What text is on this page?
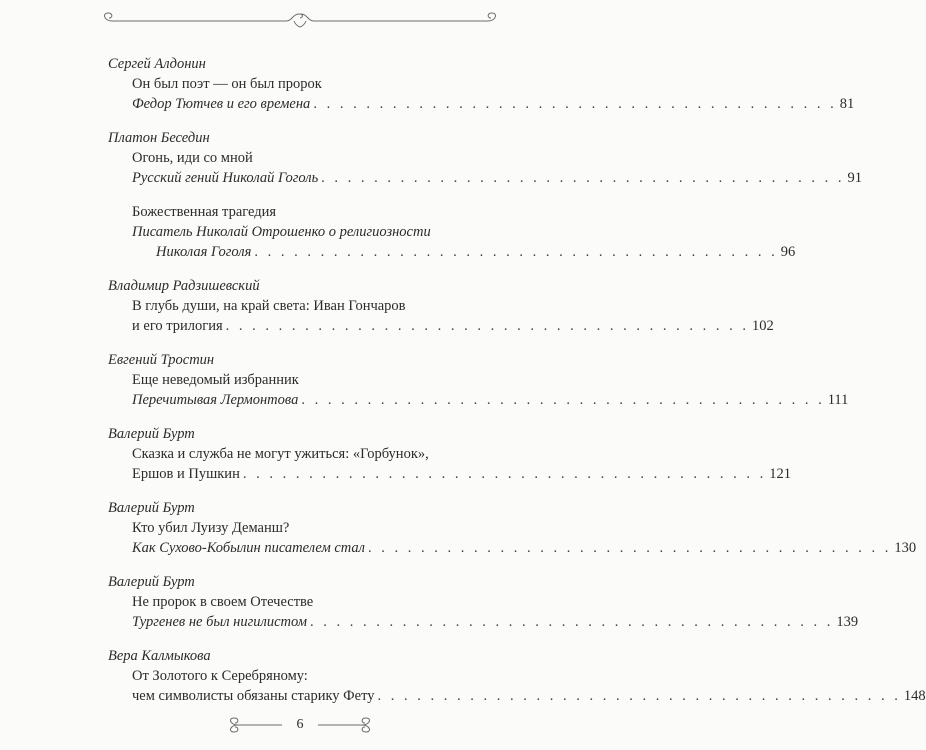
Сергей Алдонин
Он был поэт — он был пророк
Федор Тютчев и его времена . . . . . . . . . . . . . . . . . . . . . . . . . . . . . . . . . . . . . . . . 81
Платон Беседин
Огонь, иди со мной
Русский гений Николай Гоголь . . . . . . . . . . . . . . . . . . . . . . . . . . . . . . . . . . . . . . . . 91
Божественная трагедия
Писатель Николай Отрошенко о религиозности
Николая Гоголя . . . . . . . . . . . . . . . . . . . . . . . . . . . . . . . . . . . . . . . . 96
Владимир Радзишевский
В глубь души, на край света: Иван Гончаров
и его трилогия . . . . . . . . . . . . . . . . . . . . . . . . . . . . . . . . . . . . . . . . 102
Евгений Тростин
Еще неведомый избранник
Перечитывая Лермонтова . . . . . . . . . . . . . . . . . . . . . . . . . . . . . . . . . . . . . . . . 111
Валерий Бурт
Сказка и служба не могут ужиться: «Горбунок»,
Ершов и Пушкин . . . . . . . . . . . . . . . . . . . . . . . . . . . . . . . . . . . . . . . . 121
Валерий Бурт
Кто убил Луизу Деманш?
Как Сухово-Кобылин писателем стал . . . . . . . . . . . . . . . . . . . . . . . . . . . . . . . . . . . . . . . . 130
Валерий Бурт
Не пророк в своем Отечестве
Тургенев не был нигилистом . . . . . . . . . . . . . . . . . . . . . . . . . . . . . . . . . . . . . . . . 139
Вера Калмыкова
От Золотого к Серебряному:
чем символисты обязаны старику Фету . . . . . . . . . . . . . . . . . . . . . . . . . . . . . . . . . . . . . . . . 148
6
